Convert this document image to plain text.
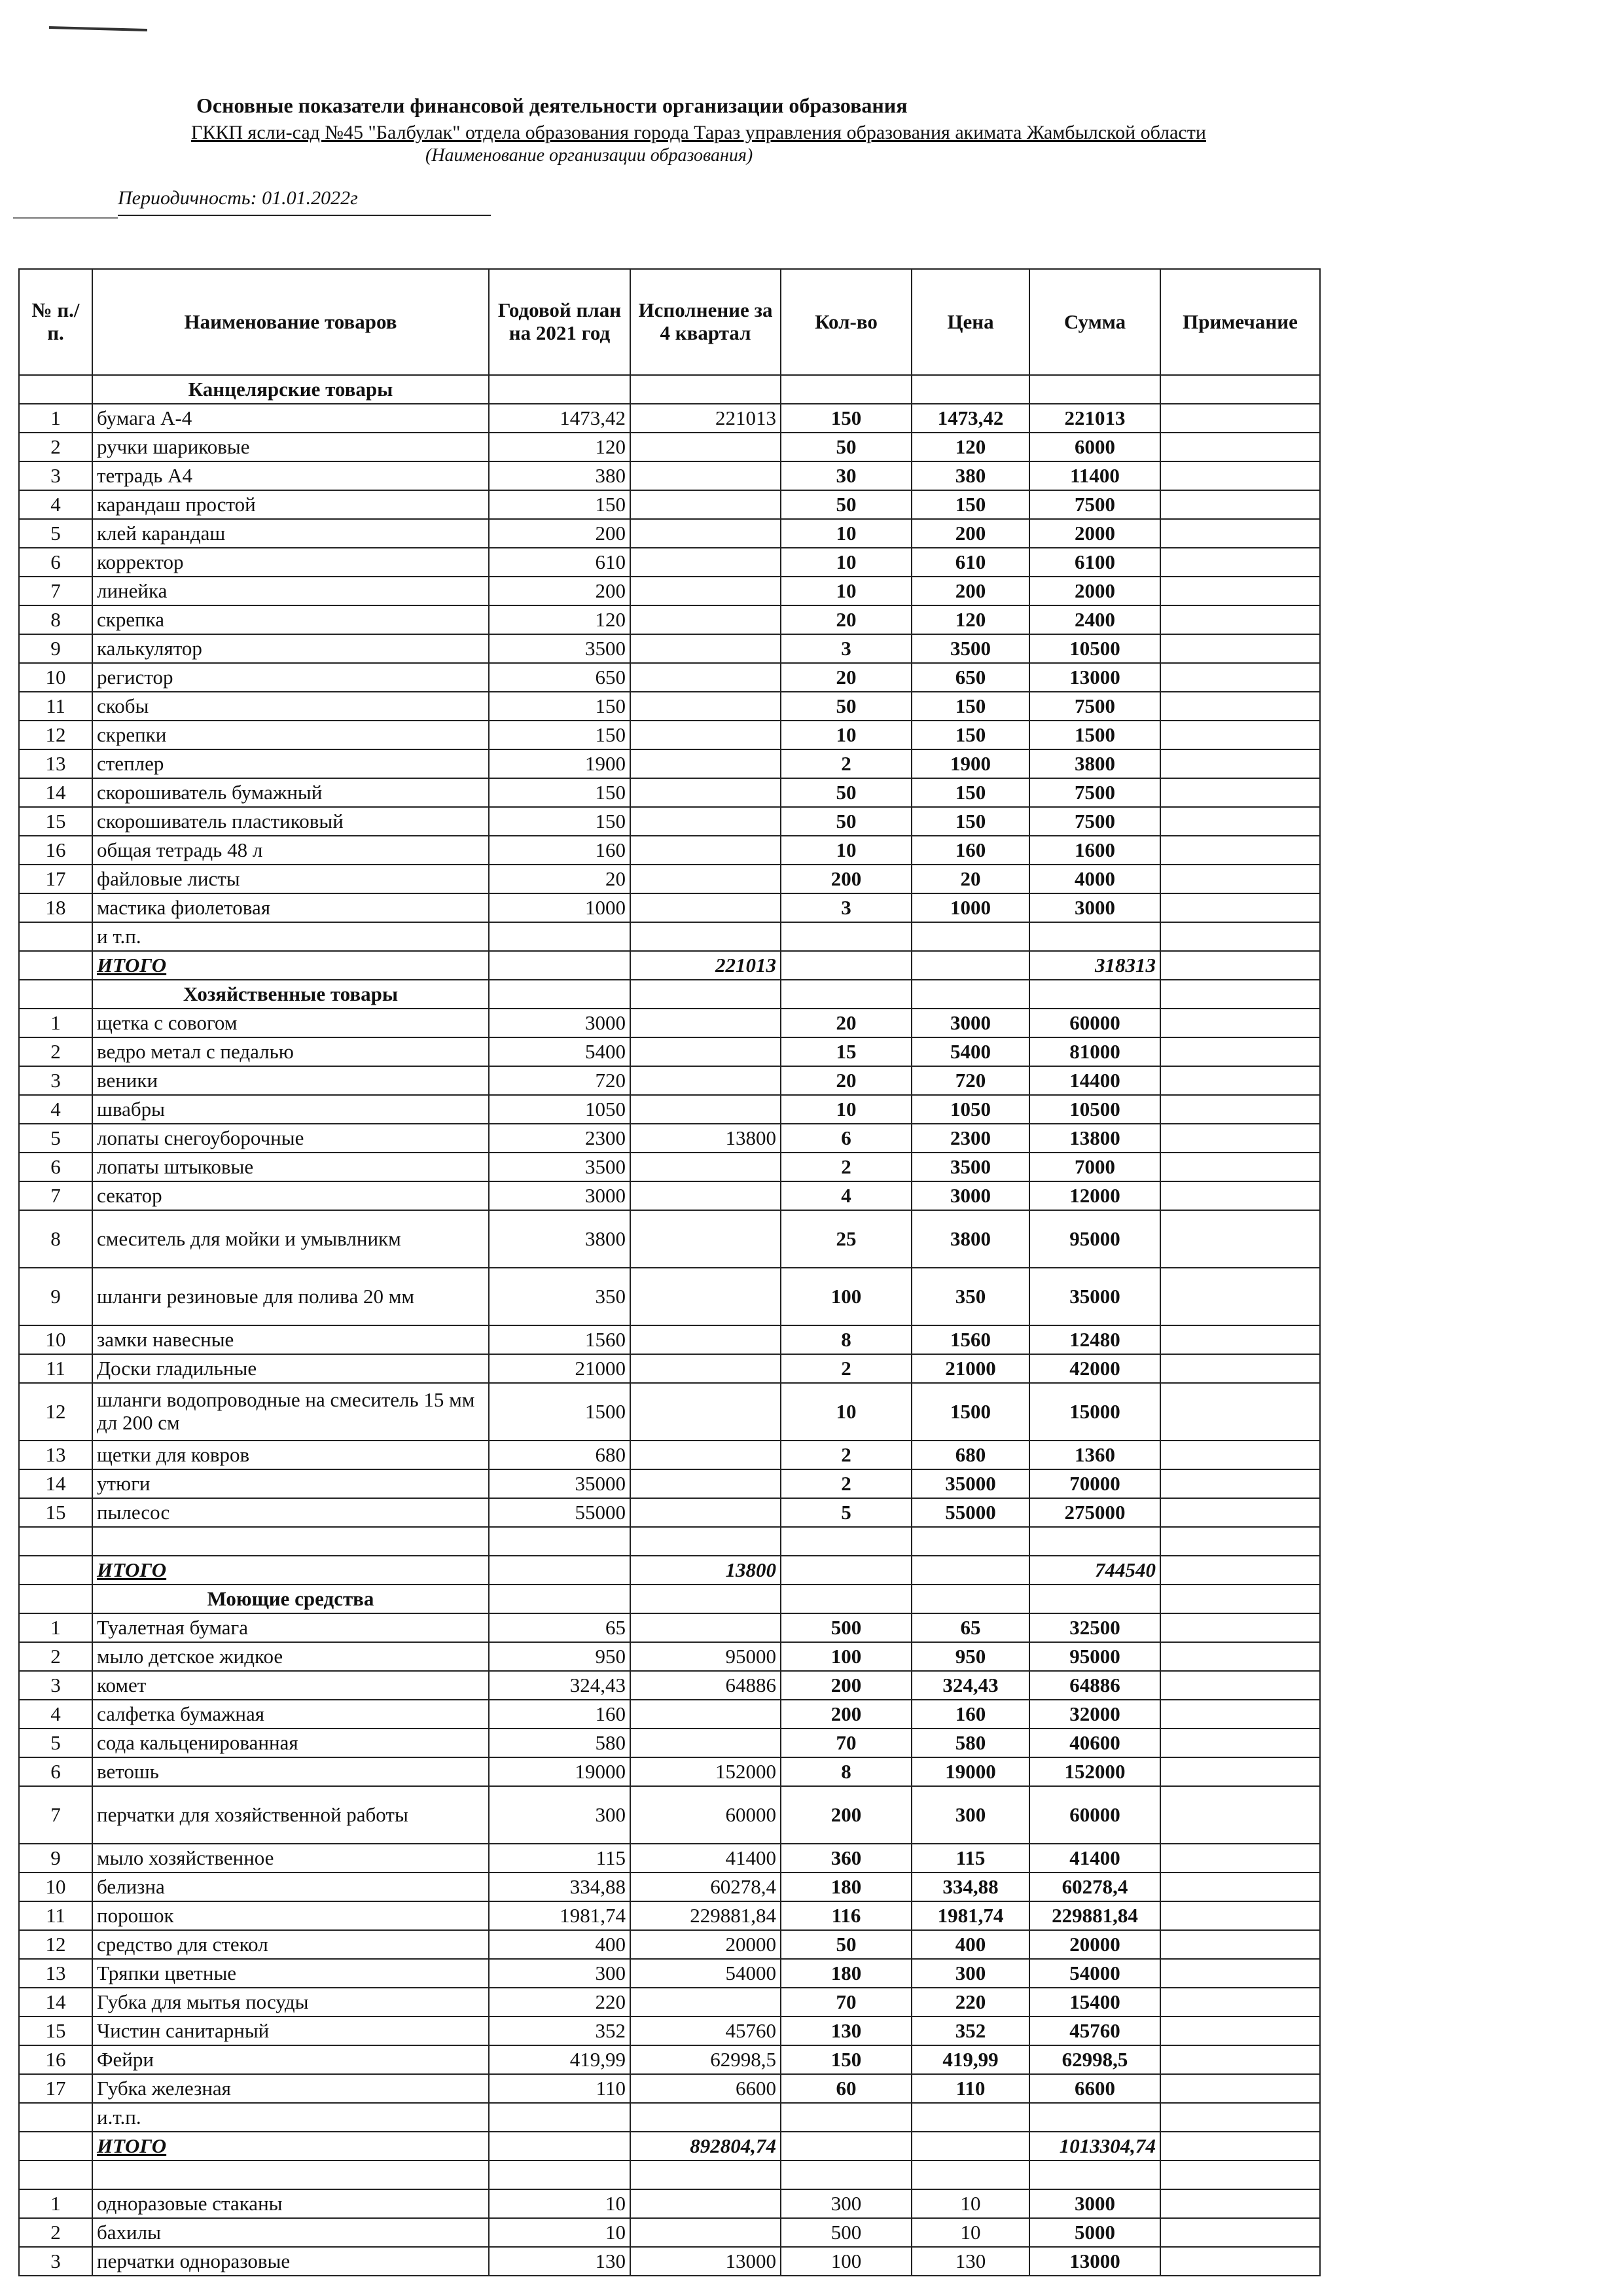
Основные показатели финансовой деятельности организации образования
ГККП ясли-сад №45 "Балбулак" отдела образования города Тараз управления образования акимата Жамбылской области
(Наименование организации образования)
Периодичность: 01.01.2022г
№ п./п.	Наименование товаров	Годовой план на 2021 год	Исполнение за 4 квартал	Кол-во	Цена	Сумма	Примечание
	Канцелярские товары						
1	бумага А-4	1473,42	221013	150	1473,42	221013	
2	ручки шариковые	120		50	120	6000	
3	тетрадь А4	380		30	380	11400	
4	карандаш простой	150		50	150	7500	
5	клей карандаш	200		10	200	2000	
6	корректор	610		10	610	6100	
7	линейка	200		10	200	2000	
8	скрепка	120		20	120	2400	
9	калькулятор	3500		3	3500	10500	
10	регистор	650		20	650	13000	
11	скобы	150		50	150	7500	
12	скрепки	150		10	150	1500	
13	степлер	1900		2	1900	3800	
14	скорошиватель бумажный	150		50	150	7500	
15	скорошиватель пластиковый	150		50	150	7500	
16	общая тетрадь 48 л	160		10	160	1600	
17	файловые листы	20		200	20	4000	
18	мастика фиолетовая	1000		3	1000	3000	
	и т.п.						
	ИТОГО		221013			318313	
	Хозяйственные товары						
1	щетка с совогом	3000		20	3000	60000	
2	ведро метал с педалью	5400		15	5400	81000	
3	веники	720		20	720	14400	
4	швабры	1050		10	1050	10500	
5	лопаты снегоуборочные	2300	13800	6	2300	13800	
6	лопаты штыковые	3500		2	3500	7000	
7	секатор	3000		4	3000	12000	
8	смеситель для мойки и умывлникм	3800		25	3800	95000	
9	шланги резиновые для полива 20 мм	350		100	350	35000	
10	замки навесные	1560		8	1560	12480	
11	Доски гладильные	21000		2	21000	42000	
12	шланги водопроводные на смеситель 15 мм дл 200 см	1500		10	1500	15000	
13	щетки для ковров	680		2	680	1360	
14	утюги	35000		2	35000	70000	
15	пылесос	55000		5	55000	275000	

	ИТОГО		13800			744540	
	Моющие средства						
1	Туалетная бумага	65		500	65	32500	
2	мыло детское жидкое	950	95000	100	950	95000	
3	комет	324,43	64886	200	324,43	64886	
4	салфетка бумажная	160		200	160	32000	
5	сода кальценированная	580		70	580	40600	
6	ветошь	19000	152000	8	19000	152000	
7	перчатки для хозяйственной работы	300	60000	200	300	60000	
9	мыло хозяйственное	115	41400	360	115	41400	
10	белизна	334,88	60278,4	180	334,88	60278,4	
11	порошок	1981,74	229881,84	116	1981,74	229881,84	
12	средство для стекол	400	20000	50	400	20000	
13	Тряпки цветные	300	54000	180	300	54000	
14	Губка для мытья посуды	220		70	220	15400	
15	Чистин санитарный	352	45760	130	352	45760	
16	Фейри	419,99	62998,5	150	419,99	62998,5	
17	Губка железная	110	6600	60	110	6600	
	и.т.п.						
	ИТОГО		892804,74			1013304,74	

1	одноразовые стаканы	10		300	10	3000	
2	бахилы	10		500	10	5000	
3	перчатки одноразовые	130	13000	100	130	13000	
